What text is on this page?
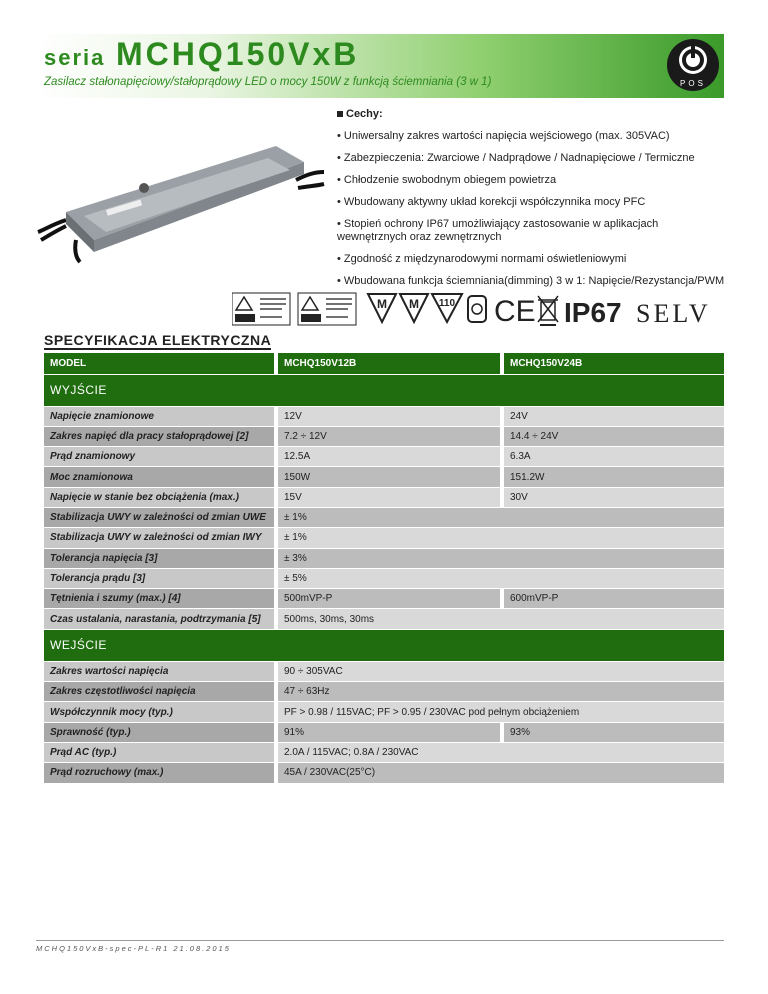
seria MCHQ150VxB
Zasilacz stałonapięciowy/stałoprądowy LED o mocy 150W z funkcją ściemniania (3 w 1)	POS
Cechy:
• Uniwersalny zakres wartości napięcia wejściowego (max. 305VAC)
• Zabezpieczenia: Zwarciowe / Nadprądowe / Nadnapięciowe / Termiczne
• Chłodzenie swobodnym obiegem powietrza
• Wbudowany aktywny układ korekcji współczynnika mocy PFC
• Stopień ochrony IP67 umożliwiający zastosowanie w aplikacjach wewnętrznych oraz zewnętrznych
• Zgodność z międzynarodowymi normami oświetleniowymi
• Wbudowana funkcja ściemniania(dimming) 3 w 1: Napięcie/Rezystancja/PWM
M M 110 CE IP67 SELV
SPECYFIKACJA ELEKTRYCZNA
MODEL	MCHQ150V12B	MCHQ150V24B
WYJŚCIE		
Napięcie znamionowe	12V	24V
Zakres napięć dla pracy stałoprądowej [2]	7.2 ÷ 12V	14.4 ÷ 24V
Prąd znamionowy	12.5A	6.3A
Moc znamionowa	150W	151.2W
Napięcie w stanie bez obciążenia (max.)	15V	30V
Stabilizacja UWY w zależności od zmian UWE	± 1%	
Stabilizacja UWY w zależności od zmian IWY	± 1%	
Tolerancja napięcia [3]	± 3%	
Tolerancja prądu [3]	± 5%	
Tętnienia i szumy (max.) [4]	500mVP-P	600mVP-P
Czas ustalania, narastania, podtrzymania [5]	500ms, 30ms, 30ms	
WEJŚCIE		
Zakres wartości napięcia	90 ÷ 305VAC	
Zakres częstotliwości napięcia	47 ÷ 63Hz	
Współczynnik mocy (typ.)	PF > 0.98 / 115VAC; PF > 0.95 / 230VAC pod pełnym obciążeniem	
Sprawność (typ.)	91%	93%
Prąd AC (typ.)	2.0A / 115VAC; 0.8A / 230VAC	
Prąd rozruchowy (max.)	45A / 230VAC(25°C)	
MCHQ150VxB-spec-PL-R1 21.08.2015
